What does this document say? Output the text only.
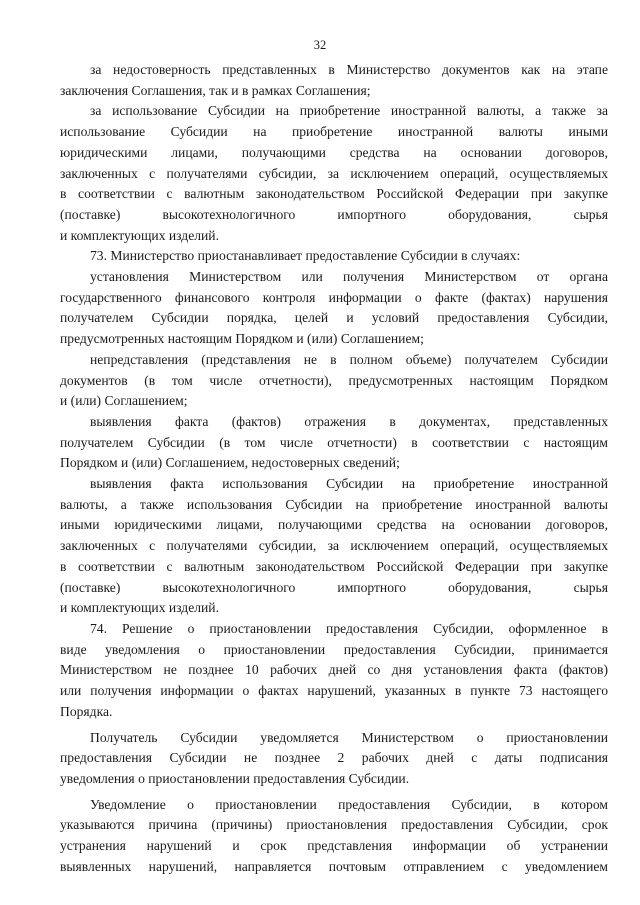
32
за недостоверность представленных в Министерство документов как на этапе
заключения Соглашения, так и в рамках Соглашения;
за использование Субсидии на приобретение иностранной валюты, а также за
использование Субсидии на приобретение иностранной валюты иными
юридическими лицами, получающими средства на основании договоров,
заключенных с получателями субсидии, за исключением операций, осуществляемых
в соответствии с валютным законодательством Российской Федерации при закупке
(поставке) высокотехнологичного импортного оборудования, сырья
и комплектующих изделий.
73. Министерство приостанавливает предоставление Субсидии в случаях:
установления Министерством или получения Министерством от органа
государственного финансового контроля информации о факте (фактах) нарушения
получателем Субсидии порядка, целей и условий предоставления Субсидии,
предусмотренных настоящим Порядком и (или) Соглашением;
непредставления (представления не в полном объеме) получателем Субсидии
документов (в том числе отчетности), предусмотренных настоящим Порядком
и (или) Соглашением;
выявления факта (фактов) отражения в документах, представленных
получателем Субсидии (в том числе отчетности) в соответствии с настоящим
Порядком и (или) Соглашением, недостоверных сведений;
выявления факта использования Субсидии на приобретение иностранной
валюты, а также использования Субсидии на приобретение иностранной валюты
иными юридическими лицами, получающими средства на основании договоров,
заключенных с получателями субсидии, за исключением операций, осуществляемых
в соответствии с валютным законодательством Российской Федерации при закупке
(поставке) высокотехнологичного импортного оборудования, сырья
и комплектующих изделий.
74. Решение о приостановлении предоставления Субсидии, оформленное в
виде уведомления о приостановлении предоставления Субсидии, принимается
Министерством не позднее 10 рабочих дней со дня установления факта (фактов)
или получения информации о фактах нарушений, указанных в пункте 73 настоящего
Порядка.
Получатель Субсидии уведомляется Министерством о приостановлении
предоставления Субсидии не позднее 2 рабочих дней с даты подписания
уведомления о приостановлении предоставления Субсидии.
Уведомление о приостановлении предоставления Субсидии, в котором
указываются причина (причины) приостановления предоставления Субсидии, срок
устранения нарушений и срок представления информации об устранении
выявленных нарушений, направляется почтовым отправлением с уведомлением
